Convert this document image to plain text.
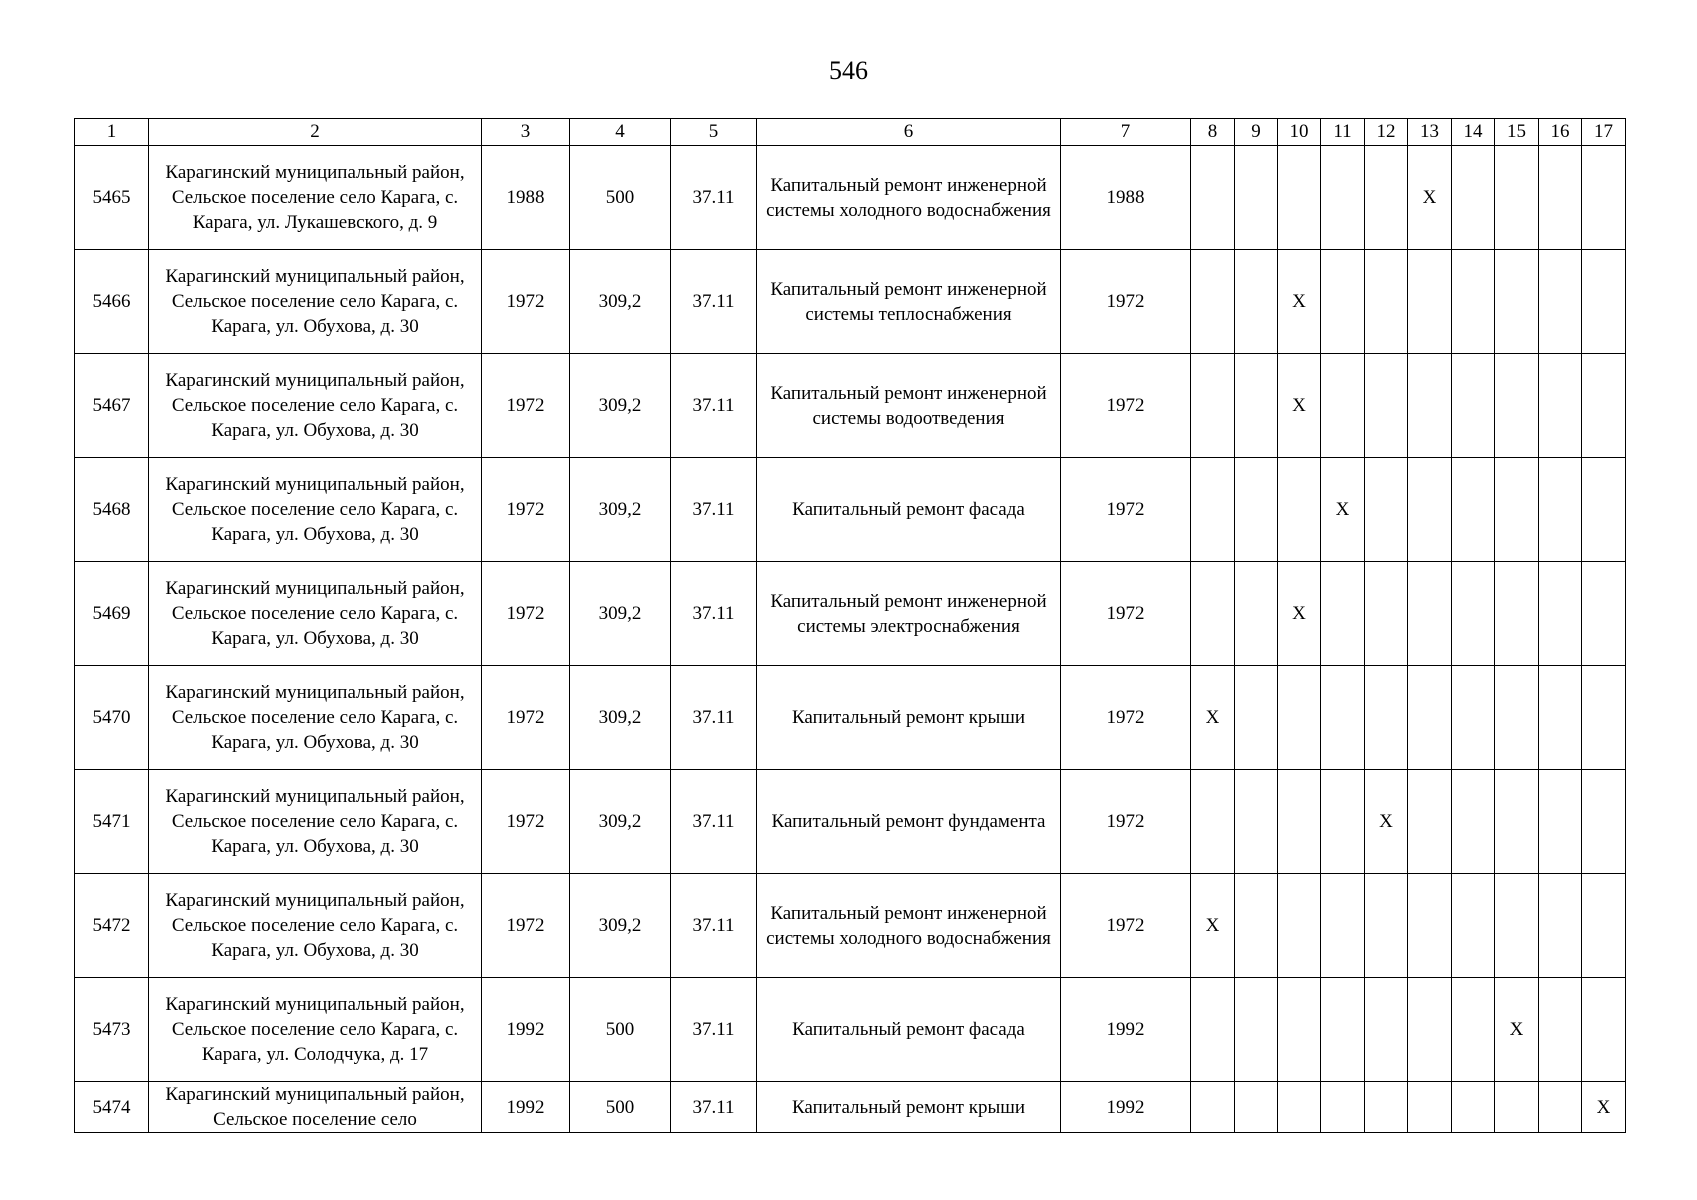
546
1	2	3	4	5	6	7	8	9	10	11	12	13	14	15	16	17
5465	Карагинский муниципальный район, Сельское поселение село Карага, с. Карага, ул. Лукашевского, д. 9	1988	500	37.11	Капитальный ремонт инженерной системы холодного водоснабжения	1988						X				
5466	Карагинский муниципальный район, Сельское поселение село Карага, с. Карага, ул. Обухова, д. 30	1972	309,2	37.11	Капитальный ремонт инженерной системы теплоснабжения	1972			X							
5467	Карагинский муниципальный район, Сельское поселение село Карага, с. Карага, ул. Обухова, д. 30	1972	309,2	37.11	Капитальный ремонт инженерной системы водоотведения	1972			X							
5468	Карагинский муниципальный район, Сельское поселение село Карага, с. Карага, ул. Обухова, д. 30	1972	309,2	37.11	Капитальный ремонт фасада	1972				X						
5469	Карагинский муниципальный район, Сельское поселение село Карага, с. Карага, ул. Обухова, д. 30	1972	309,2	37.11	Капитальный ремонт инженерной системы электроснабжения	1972			X							
5470	Карагинский муниципальный район, Сельское поселение село Карага, с. Карага, ул. Обухова, д. 30	1972	309,2	37.11	Капитальный ремонт крыши	1972	X									
5471	Карагинский муниципальный район, Сельское поселение село Карага, с. Карага, ул. Обухова, д. 30	1972	309,2	37.11	Капитальный ремонт фундамента	1972					X					
5472	Карагинский муниципальный район, Сельское поселение село Карага, с. Карага, ул. Обухова, д. 30	1972	309,2	37.11	Капитальный ремонт инженерной системы холодного водоснабжения	1972	X									
5473	Карагинский муниципальный район, Сельское поселение село Карага, с. Карага, ул. Солодчука, д. 17	1992	500	37.11	Капитальный ремонт фасада	1992								X		
5474	Карагинский муниципальный район, Сельское поселение село	1992	500	37.11	Капитальный ремонт крыши	1992										X
